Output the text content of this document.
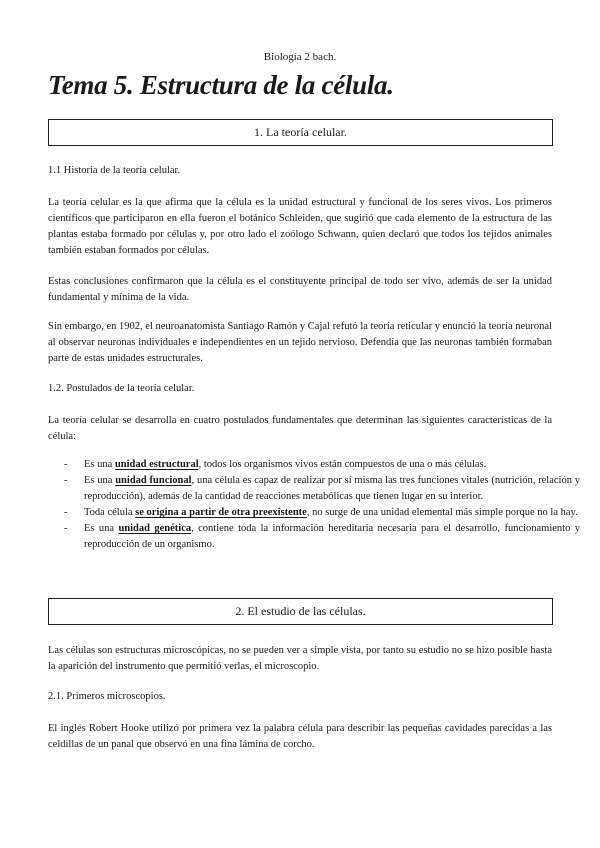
Biología 2 bach.
Tema 5. Estructura de la célula.
1. La teoría celular.

1.1 Historia de la teoría celular.

La teoría celular es la que afirma que la célula es la unidad estructural y funcional de los seres vivos. Los primeros científicos que participaron en ella fueron el botánico Schleiden, que sugirió que cada elemento de la estructura de las plantas estaba formado por células y, por otro lado el zoólogo Schwann, quien declaró que todos los tejidos animales también estaban formados por células.

Estas conclusiones confirmaron que la célula es el constituyente principal de todo ser vivo, además de ser la unidad fundamental y mínima de la vida.

Sin embargo, en 1902, el neuroanatomista Santiago Ramón y Cajal refutó la teoría reticular y enunció la teoría neuronal al observar neuronas individuales e independientes en un tejido nervioso. Defendía que las neuronas también formaban parte de estas unidades estructurales.

1.2. Postulados de la teoría celular.

La teoría celular se desarrolla en cuatro postulados fundamentales que determinan las siguientes características de la célula:

- Es una unidad estructural, todos los organismos vivos están compuestos de una o más células.
- Es una unidad funcional, una célula es capaz de realizar por sí misma las tres funciones vitales (nutrición, relación y reproducción), además de la cantidad de reacciones metabólicas que tienen lugar en su interior.
- Toda célula se origina a partir de otra preexistente, no surge de una unidad elemental más simple porque no la hay.
- Es una unidad genética, contiene toda la información hereditaria necesaria para el desarrollo, funcionamiento y reproducción de un organismo.
2. El estudio de las células.

Las células son estructuras microscópicas, no se pueden ver a simple vista, por tanto su estudio no se hizo posible hasta la aparición del instrumento que permitió verlas, el microscopio.

2.1. Primeros microscopios.

El inglés Robert Hooke utilizó por primera vez la palabra célula para describir las pequeñas cavidades parecidas a las celdillas de un panal que observó en una fina lámina de corcho.
